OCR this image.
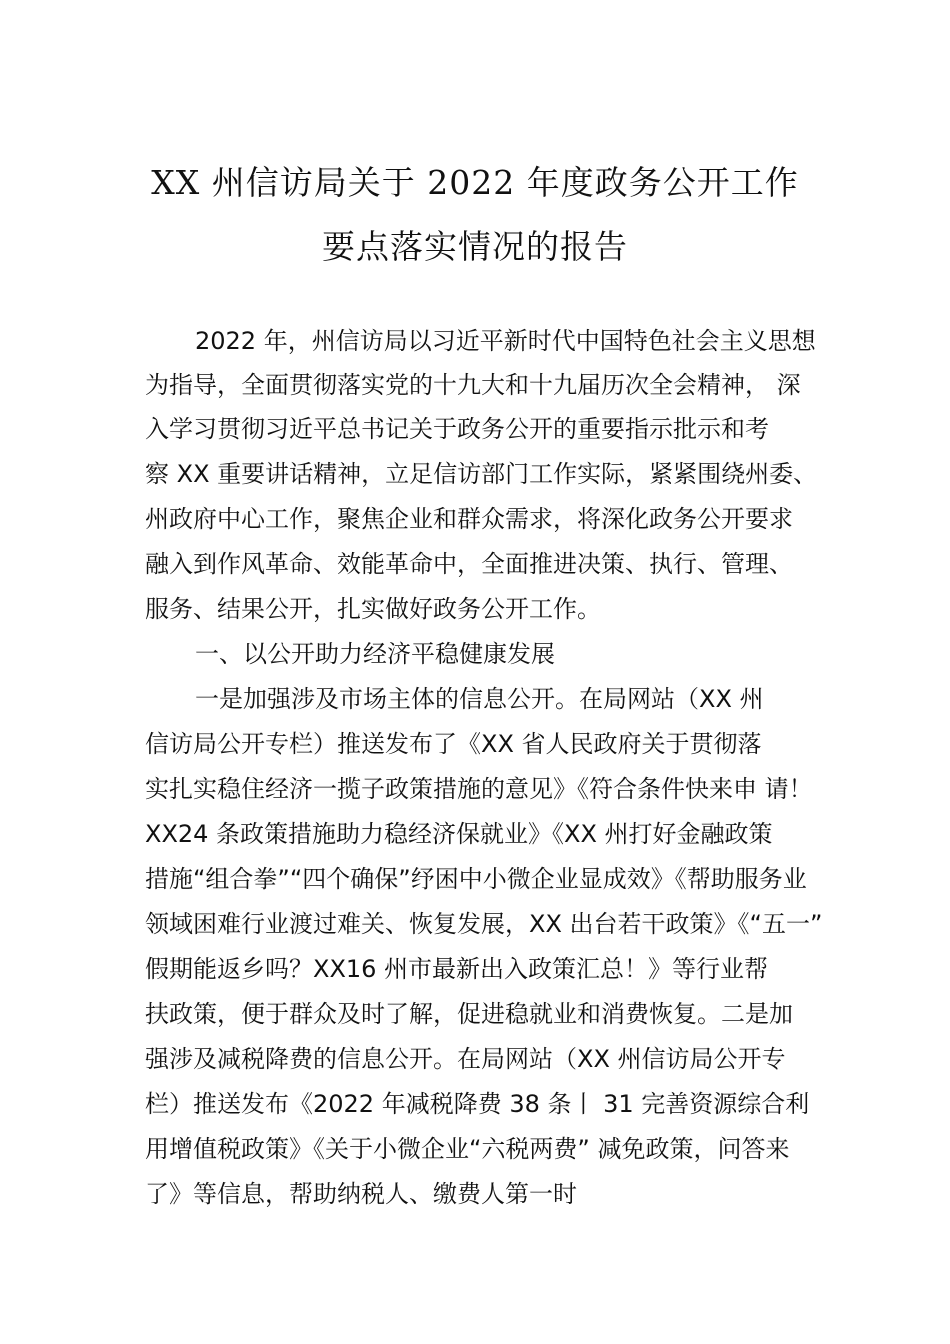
XX 州信访局关于 2022 年度政务公开工作
要点落实情况的报告
2022 年，州信访局以习近平新时代中国特色社会主义思想
为指导，全面贯彻落实党的十九大和十九届历次全会精神， 深
入学习贯彻习近平总书记关于政务公开的重要指示批示和考
察 XX 重要讲话精神，立足信访部门工作实际，紧紧围绕州委、
州政府中心工作，聚焦企业和群众需求，将深化政务公开要求
融入到作风革命、效能革命中，全面推进决策、执行、管理、
服务、结果公开，扎实做好政务公开工作。
一、以公开助力经济平稳健康发展
一是加强涉及市场主体的信息公开。在局网站（XX 州
信访局公开专栏）推送发布了《XX 省人民政府关于贯彻落
实扎实稳住经济一揽子政策措施的意见》《符合条件快来申 请！
XX24 条政策措施助力稳经济保就业》《XX 州打好金融政策
措施“组合拳”“四个确保”纾困中小微企业显成效》《帮助服务业
领域困难行业渡过难关、恢复发展，XX 出台若干政策》《“五一”
假期能返乡吗？XX16 州市最新出入政策汇总！》等行业帮
扶政策，便于群众及时了解，促进稳就业和消费恢复。二是加
强涉及减税降费的信息公开。在局网站（XX 州信访局公开专
栏）推送发布《2022 年减税降费 38 条丨 31 完善资源综合利
用增值税政策》《关于小微企业“六税两费” 减免政策，问答来
了》等信息，帮助纳税人、缴费人第一时
